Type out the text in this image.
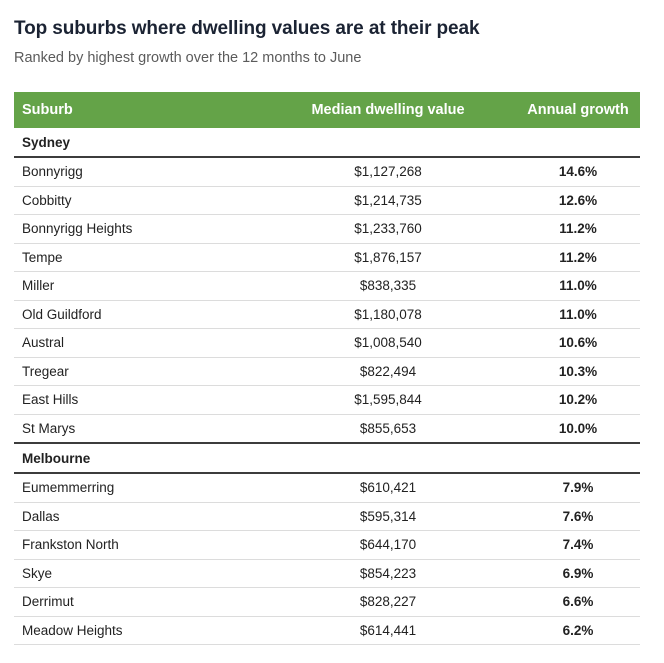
Top suburbs where dwelling values are at their peak
Ranked by highest growth over the 12 months to June
Suburb	Median dwelling value	Annual growth
Sydney		
Bonnyrigg	$1,127,268	14.6%
Cobbitty	$1,214,735	12.6%
Bonnyrigg Heights	$1,233,760	11.2%
Tempe	$1,876,157	11.2%
Miller	$838,335	11.0%
Old Guildford	$1,180,078	11.0%
Austral	$1,008,540	10.6%
Tregear	$822,494	10.3%
East Hills	$1,595,844	10.2%
St Marys	$855,653	10.0%
Melbourne		
Eumemmerring	$610,421	7.9%
Dallas	$595,314	7.6%
Frankston North	$644,170	7.4%
Skye	$854,223	6.9%
Derrimut	$828,227	6.6%
Meadow Heights	$614,441	6.2%
